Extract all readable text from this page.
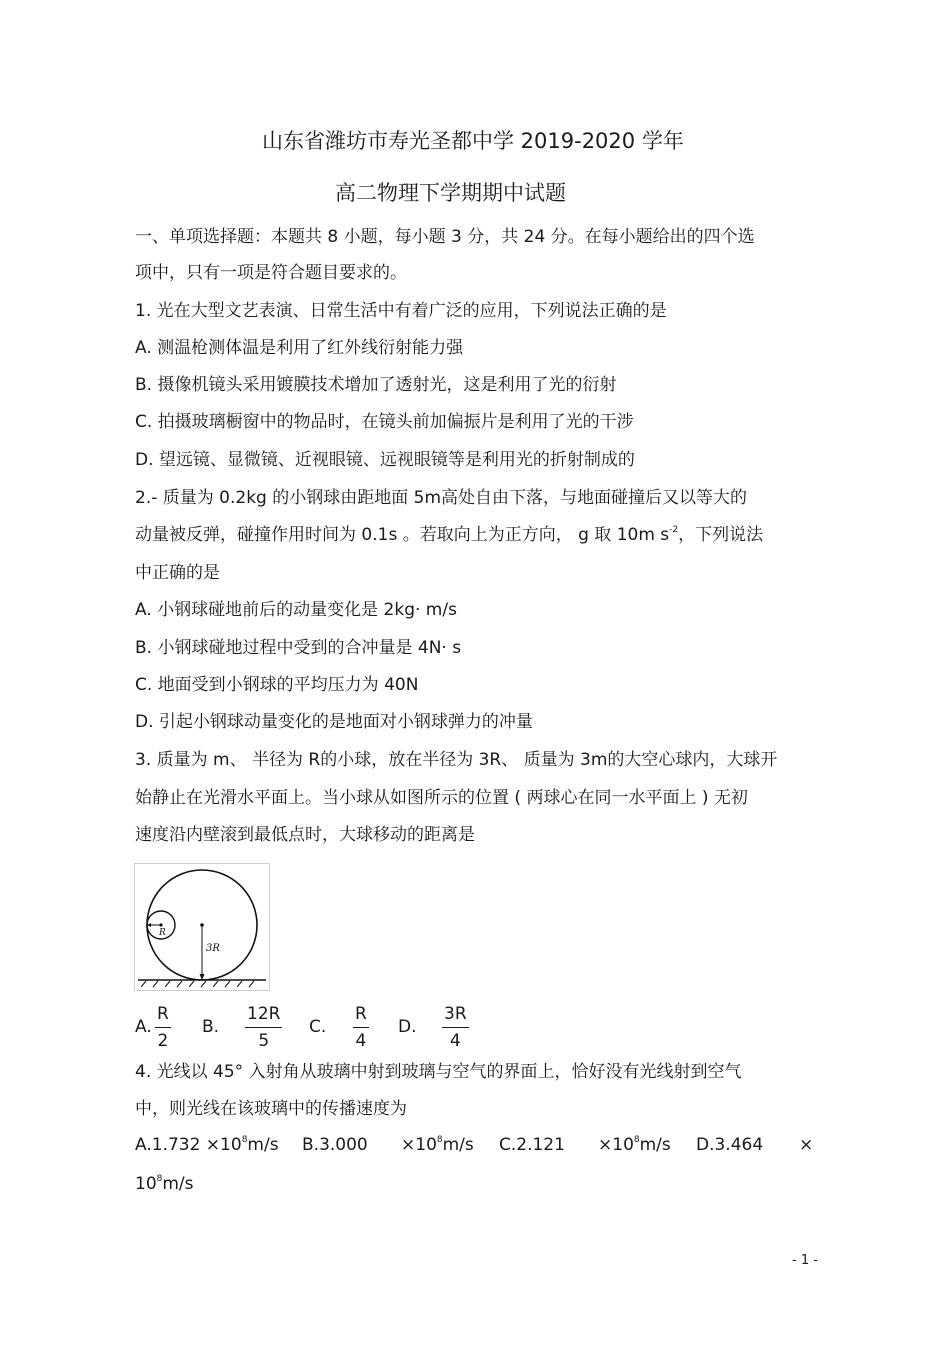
山东省潍坊市寿光圣都中学 2019-2020 学年
高二物理下学期期中试题
一、单项选择题：本题共 8 小题，每小题 3 分，共 24 分。在每小题给出的四个选
项中，只有一项是符合题目要求的。
1. 光在大型文艺表演、日常生活中有着广泛的应用，下列说法正确的是
A. 测温枪测体温是利用了红外线衍射能力强
B. 摄像机镜头采用镀膜技术增加了透射光，这是利用了光的衍射
C. 拍摄玻璃橱窗中的物品时，在镜头前加偏振片是利用了光的干涉
D. 望远镜、显微镜、近视眼镜、远视眼镜等是利用光的折射制成的
2.- 质量为 0.2kg 的小钢球由距地面 5m高处自由下落，与地面碰撞后又以等大的
动量被反弹，碰撞作用时间为 0.1s 。若取向上为正方向， g 取 10m $s^{-2}$，下列说法
中正确的是
A. 小钢球碰地前后的动量变化是 2kg· m/s
B. 小钢球碰地过程中受到的合冲量是 4N· s
C. 地面受到小钢球的平均压力为 40N
D. 引起小钢球动量变化的是地面对小钢球弹力的冲量
3. 质量为 m、 半径为 R的小球，放在半径为 3R、 质量为 3m的大空心球内，大球开
始静止在光滑水平面上。当小球从如图所示的位置 ( 两球心在同一水平面上 ) 无初
速度沿内壁滚到最低点时，大球移动的距离是
R
3R
A. $\frac{R}{2} B$. $\frac{12R}{5} C$. $\frac{R}{4} D$. $\frac{3R}{4}$
4. 光线以 45° 入射角从玻璃中射到玻璃与空气的界面上，恰好没有光线射到空气
中，则光线在该玻璃中的传播速度为
$A.1.732 \times 10^8m/s$ $B.3.000 \times 10^8m/s$ $C.2.121 \times 10^8m/s$ D.3.464 ×
$10^8m/s$
- 1 -
